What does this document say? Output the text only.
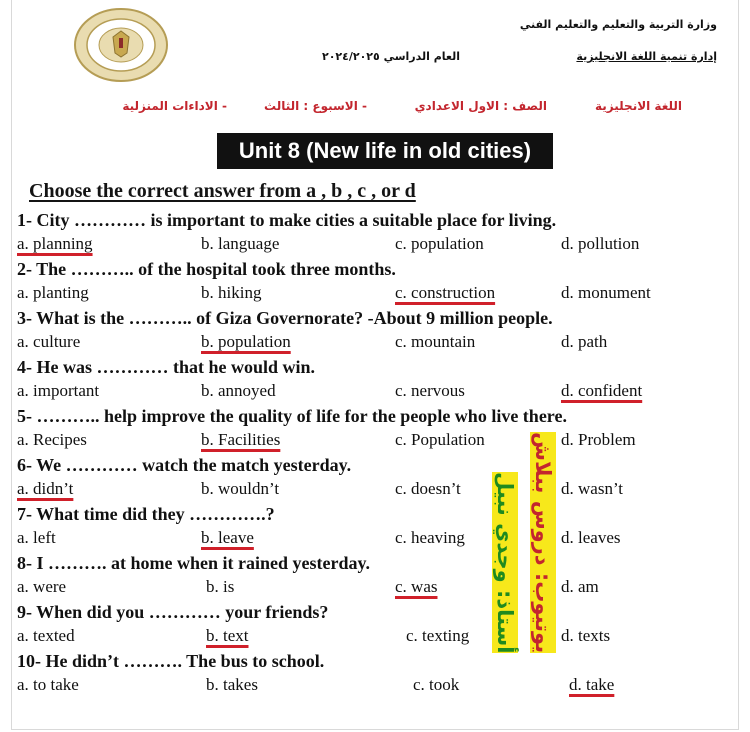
وزارة التربية والتعليم والتعليم الفني
إدارة تنمية اللغة الانجليزية
العام الدراسي ٢٠٢٤/٢٠٢٥
اللغة الانجليزية
الصف : الاول الاعدادي
- الاسبوع : الثالث
- الاداءات المنزلية
Unit 8 (New life in old cities)
Choose the correct answer from a , b , c , or d
1- City ………… is important to make cities a suitable place for living.
a. planning	b. language	c. population	d. pollution
2- The ……….. of the hospital took three months.
a. planting	b. hiking	c. construction	d. monument
3- What is the ……….. of Giza Governorate? -About 9 million people.
a. culture	b. population	c. mountain	d. path
4- He was ………… that he would win.
a. important	b. annoyed	c. nervous	d. confident
5- ……….. help improve the quality of life for the people who live there.
a. Recipes	b. Facilities	c. Population	d. Problem
6- We ………… watch the match yesterday.
a. didn’t	b. wouldn’t	c. doesn’t	d. wasn’t
7- What time did they ………….?
a. left	b. leave	c. heaving	d. leaves
8- I ………. at home when it rained yesterday.
a. were	b. is	c. was	d. am
9- When did you ………… your friends?
a. texted	b. text	c. texting	d. texts
10- He didn’t ………. The bus to school.
a. to take	b. takes	c. took	d. take
أستاذ: وجدي نبيل يوتيوب: دروس ببلاش
